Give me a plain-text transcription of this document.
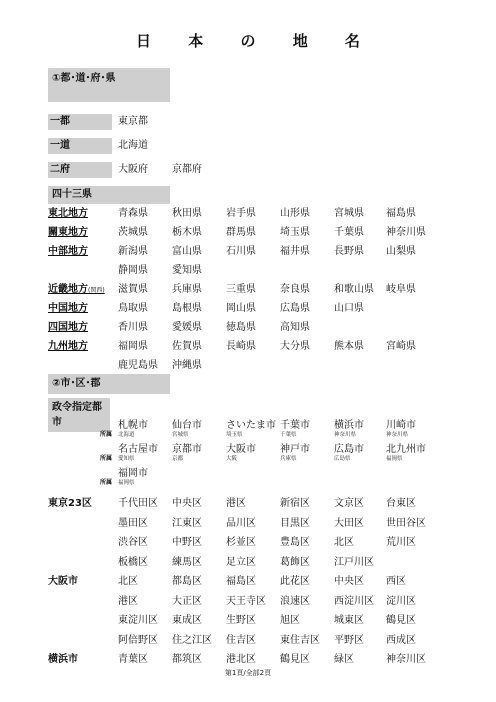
日 本 の 地 名
①都･道･府･県
一都	東京都
一道	北海道
二府	大阪府 京都府
四十三県
東北地方	青森県 秋田県 岩手県 山形県 宮城県 福島県
關東地方	茨城県 栃木県 群馬県 埼玉県 千葉県 神奈川県
中部地方	新潟県 富山県 石川県 福井県 長野県 山梨県
静岡県 愛知県
近畿地方(関西)	滋賀県 兵庫県 三重県 奈良県 和歌山県 岐阜県
中国地方	鳥取県 島根県 岡山県 広島県 山口県
四国地方	香川県 愛媛県 徳島県 高知県
九州地方	福岡県 佐賀県 長崎県 大分県 熊本県 宮崎県
鹿児島県 沖縄県
②市･区･郡
政令指定都
市	札幌市 仙台市 さいたま市 千葉市 横浜市 川崎市
所属 北海道	宮城県	埼玉県	千葉県	神奈川県	神奈川県
名古屋市 京都市 大阪市 神戸市 広島市 北九州市
所属 愛知県	京都	大阪	兵庫県	広島県	福岡県
福岡市
所属 福岡県
東京23区	千代田区 中央区 港区	新宿区 文京区 台東区
墨田区 江東区 品川区 目黒区 大田区 世田谷区
渋谷区 中野区 杉並区 豊島区 北区	荒川区
板橋区 練馬区 足立区 葛飾区 江戸川区
大阪市	北区	都島区 福島区 此花区 中央区 西区
港区	大正区 天王寺区 浪速区 西淀川区 淀川区
東淀川区 東成区 生野区 旭区	城東区 鶴見区
阿倍野区 住之江区 住吉区 東住吉区 平野区 西成区
横浜市	青葉区 都筑区 港北区 鶴見区 緑区	神奈川区
第1頁/全部2頁
